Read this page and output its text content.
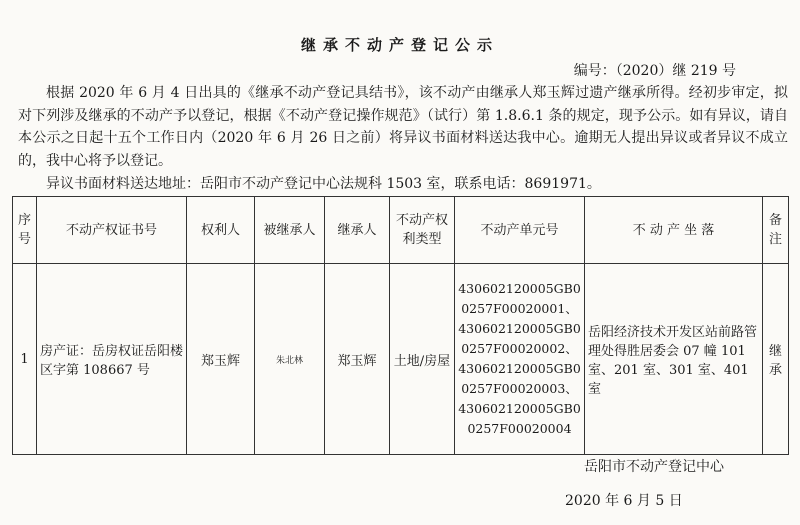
继承不动产登记公示
编号：（2020）继 219 号
根据 2020 年 6 月 4 日出具的《继承不动产登记具结书》，该不动产由继承人郑玉辉过遗产继承所得。经初步审定，拟对下列涉及继承的不动产予以登记，根据《不动产登记操作规范》（试行）第 1.8.6.1 条的规定，现予公示。如有异议，请自本公示之日起十五个工作日内（2020 年 6 月 26 日之前）将异议书面材料送达我中心。逾期无人提出异议或者异议不成立的，我中心将予以登记。
异议书面材料送达地址：岳阳市不动产登记中心法规科 1503 室，联系电话：8691971。
序号	不动产权证书号	权利人	被继承人	继承人	不动产权利类型	不动产单元号	不 动 产 坐 落	备注
1	房产证：岳房权证岳阳楼区字第 108667 号	郑玉辉	朱北林	郑玉辉	土地/房屋	430602120005GB00257F00020001、430602120005GB00257F00020002、430602120005GB00257F00020003、430602120005GB00257F00020004	岳阳经济技术开发区站前路管理处得胜居委会 07 幢 101 室、201 室、301 室、401 室	继承
岳阳市不动产登记中心
2020 年 6 月 5 日
